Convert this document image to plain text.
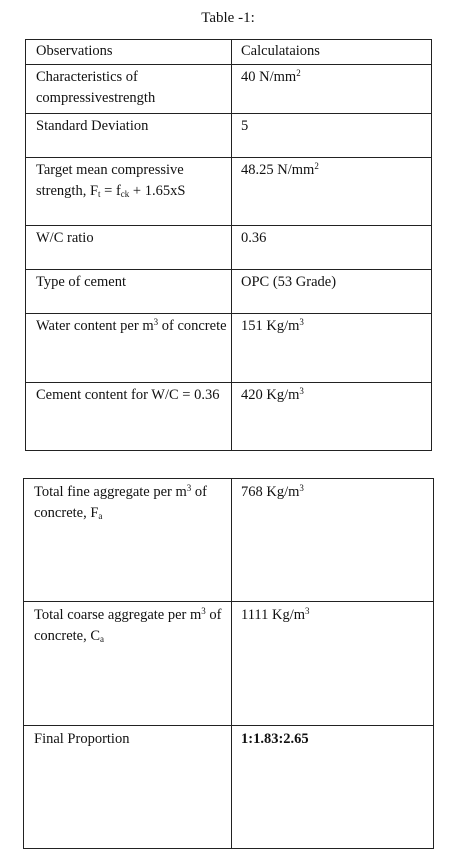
Table -1:
Observations	Calculataions
Characteristics of compressivestrength	40 $N/mm^2$
Standard Deviation	5
Target mean compressive strength, $F_t = f_{ck} + 1.65xS$	48.25 $N/mm^2$
W/C ratio	0.36
Type of cement	OPC (53 Grade)
Water content per $m^3$ of concrete	151 $Kg/m^3$
Cement content for W/C = 0.36	420 $Kg/m^3$
Total fine aggregate per $m^3$ of concrete, $F_a$	768 $Kg/m^3$
Total coarse aggregate per $m^3$ of concrete, $C_a$	1111 $Kg/m^3$
Final Proportion	1:1.83:2.65
